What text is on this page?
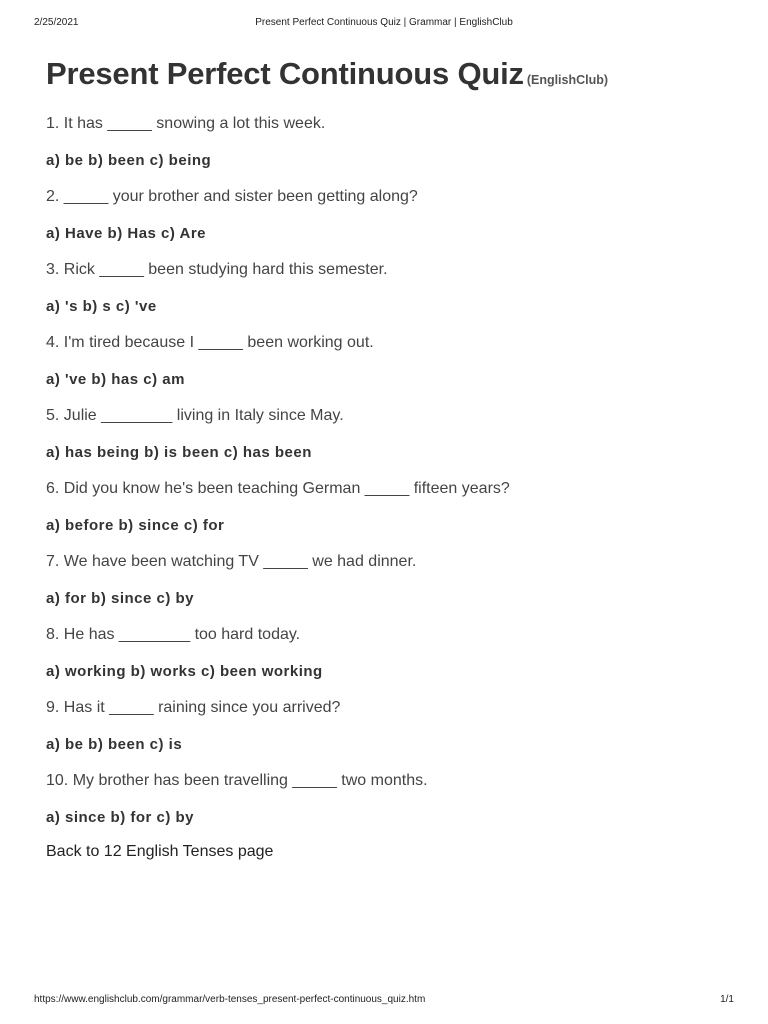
2/25/2021	Present Perfect Continuous Quiz | Grammar | EnglishClub
Present Perfect Continuous Quiz (EnglishClub)
1. It has _____ snowing a lot this week.
a) be b) been c) being
2. _____ your brother and sister been getting along?
a) Have b) Has c) Are
3. Rick _____ been studying hard this semester.
a) 's b) s c) 've
4. I'm tired because I _____ been working out.
a) 've b) has c) am
5. Julie ________ living in Italy since May.
a) has being b) is been c) has been
6. Did you know he's been teaching German _____ fifteen years?
a) before b) since c) for
7. We have been watching TV _____ we had dinner.
a) for b) since c) by
8. He has ________ too hard today.
a) working b) works c) been working
9. Has it _____ raining since you arrived?
a) be b) been c) is
10. My brother has been travelling _____ two months.
a) since b) for c) by
Back to 12 English Tenses page
https://www.englishclub.com/grammar/verb-tenses_present-perfect-continuous_quiz.htm	1/1
